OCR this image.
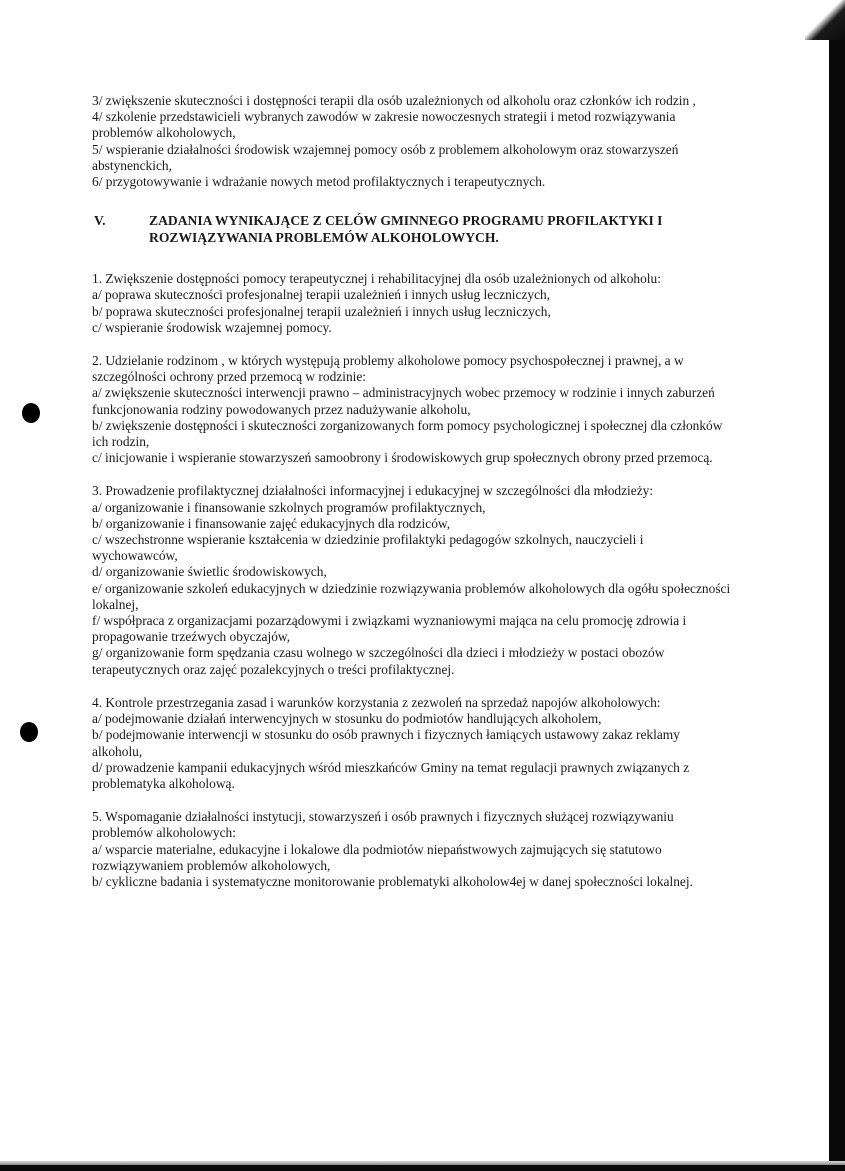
3/ zwiększenie skuteczności i dostępności terapii dla osób uzależnionych od alkoholu oraz członków ich rodzin ,

4/ szkolenie przedstawicieli wybranych zawodów w zakresie nowoczesnych strategii i metod rozwiązywania problemów alkoholowych,

5/ wspieranie działalności środowisk wzajemnej pomocy osób z problemem alkoholowym oraz stowarzyszeń abstynenckich,

6/ przygotowywanie i wdrażanie nowych metod profilaktycznych i terapeutycznych.

V.	ZADANIA WYNIKAJĄCE Z CELÓW GMINNEGO PROGRAMU PROFILAKTYKI I ROZWIĄZYWANIA PROBLEMÓW ALKOHOLOWYCH.

1. Zwiększenie dostępności pomocy terapeutycznej i rehabilitacyjnej dla osób uzależnionych od alkoholu:

a/ poprawa skuteczności profesjonalnej terapii uzależnień i innych usług leczniczych,

b/ poprawa skuteczności profesjonalnej terapii uzależnień i innych usług leczniczych,

c/ wspieranie środowisk wzajemnej pomocy.

2. Udzielanie rodzinom , w których występują problemy alkoholowe pomocy psychospołecznej i prawnej, a w szczególności ochrony przed przemocą w rodzinie:

a/ zwiększenie skuteczności interwencji prawno – administracyjnych wobec przemocy w rodzinie i innych zaburzeń funkcjonowania rodziny powodowanych przez nadużywanie alkoholu,

b/ zwiększenie dostępności i skuteczności zorganizowanych form pomocy psychologicznej i społecznej dla członków ich rodzin,

c/ inicjowanie i wspieranie stowarzyszeń samoobrony i środowiskowych grup społecznych obrony przed przemocą.

3. Prowadzenie profilaktycznej działalności informacyjnej i edukacyjnej w szczególności dla młodzieży:

a/ organizowanie i finansowanie szkolnych programów profilaktycznych,

b/ organizowanie i finansowanie zajęć edukacyjnych dla rodziców,

c/ wszechstronne wspieranie kształcenia w dziedzinie profilaktyki pedagogów szkolnych, nauczycieli i wychowawców,

d/ organizowanie świetlic środowiskowych,

e/ organizowanie szkoleń edukacyjnych w dziedzinie rozwiązywania problemów alkoholowych dla ogółu społeczności lokalnej,

f/ współpraca z organizacjami pozarządowymi i związkami wyznaniowymi mająca na celu promocję zdrowia i propagowanie trzeźwych obyczajów,

g/ organizowanie form spędzania czasu wolnego w szczególności dla dzieci i młodzieży w postaci obozów terapeutycznych oraz zajęć pozalekcyjnych o treści profilaktycznej.

4. Kontrole przestrzegania zasad i warunków korzystania z zezwoleń na sprzedaż napojów alkoholowych:

a/ podejmowanie działań interwencyjnych w stosunku do podmiotów handlujących alkoholem,

b/ podejmowanie interwencji w stosunku do osób prawnych i fizycznych łamiących ustawowy zakaz reklamy alkoholu,

d/ prowadzenie kampanii edukacyjnych wśród mieszkańców Gminy na temat regulacji prawnych związanych z problematyka alkoholową.

5. Wspomaganie działalności instytucji, stowarzyszeń i osób prawnych i fizycznych służącej rozwiązywaniu problemów alkoholowych:

a/ wsparcie materialne, edukacyjne i lokalowe dla podmiotów niepaństwowych zajmujących się statutowo rozwiązywaniem problemów alkoholowych,

b/ cykliczne badania i systematyczne monitorowanie problematyki alkoholow4ej w danej społeczności lokalnej.
